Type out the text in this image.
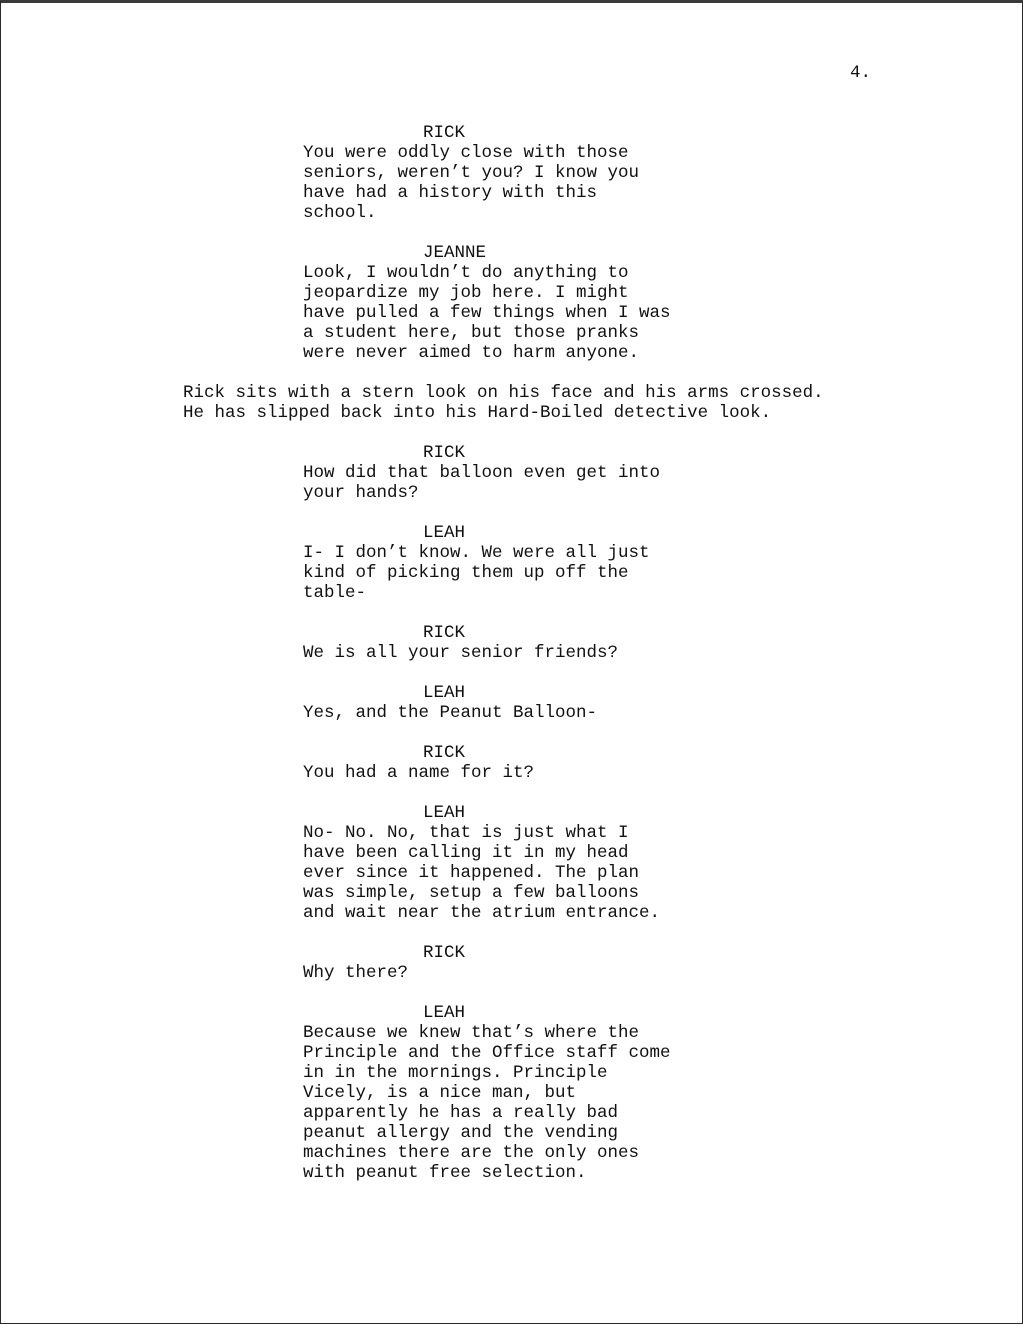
4.
RICK
You were oddly close with those
seniors, weren’t you? I know you
have had a history with this
school.
JEANNE
Look, I wouldn’t do anything to
jeopardize my job here. I might
have pulled a few things when I was
a student here, but those pranks
were never aimed to harm anyone.
Rick sits with a stern look on his face and his arms crossed.
He has slipped back into his Hard-Boiled detective look.
RICK
How did that balloon even get into
your hands?
LEAH
I- I don’t know. We were all just
kind of picking them up off the
table-
RICK
We is all your senior friends?
LEAH
Yes, and the Peanut Balloon-
RICK
You had a name for it?
LEAH
No- No. No, that is just what I
have been calling it in my head
ever since it happened. The plan
was simple, setup a few balloons
and wait near the atrium entrance.
RICK
Why there?
LEAH
Because we knew that’s where the
Principle and the Office staff come
in in the mornings. Principle
Vicely, is a nice man, but
apparently he has a really bad
peanut allergy and the vending
machines there are the only ones
with peanut free selection.
